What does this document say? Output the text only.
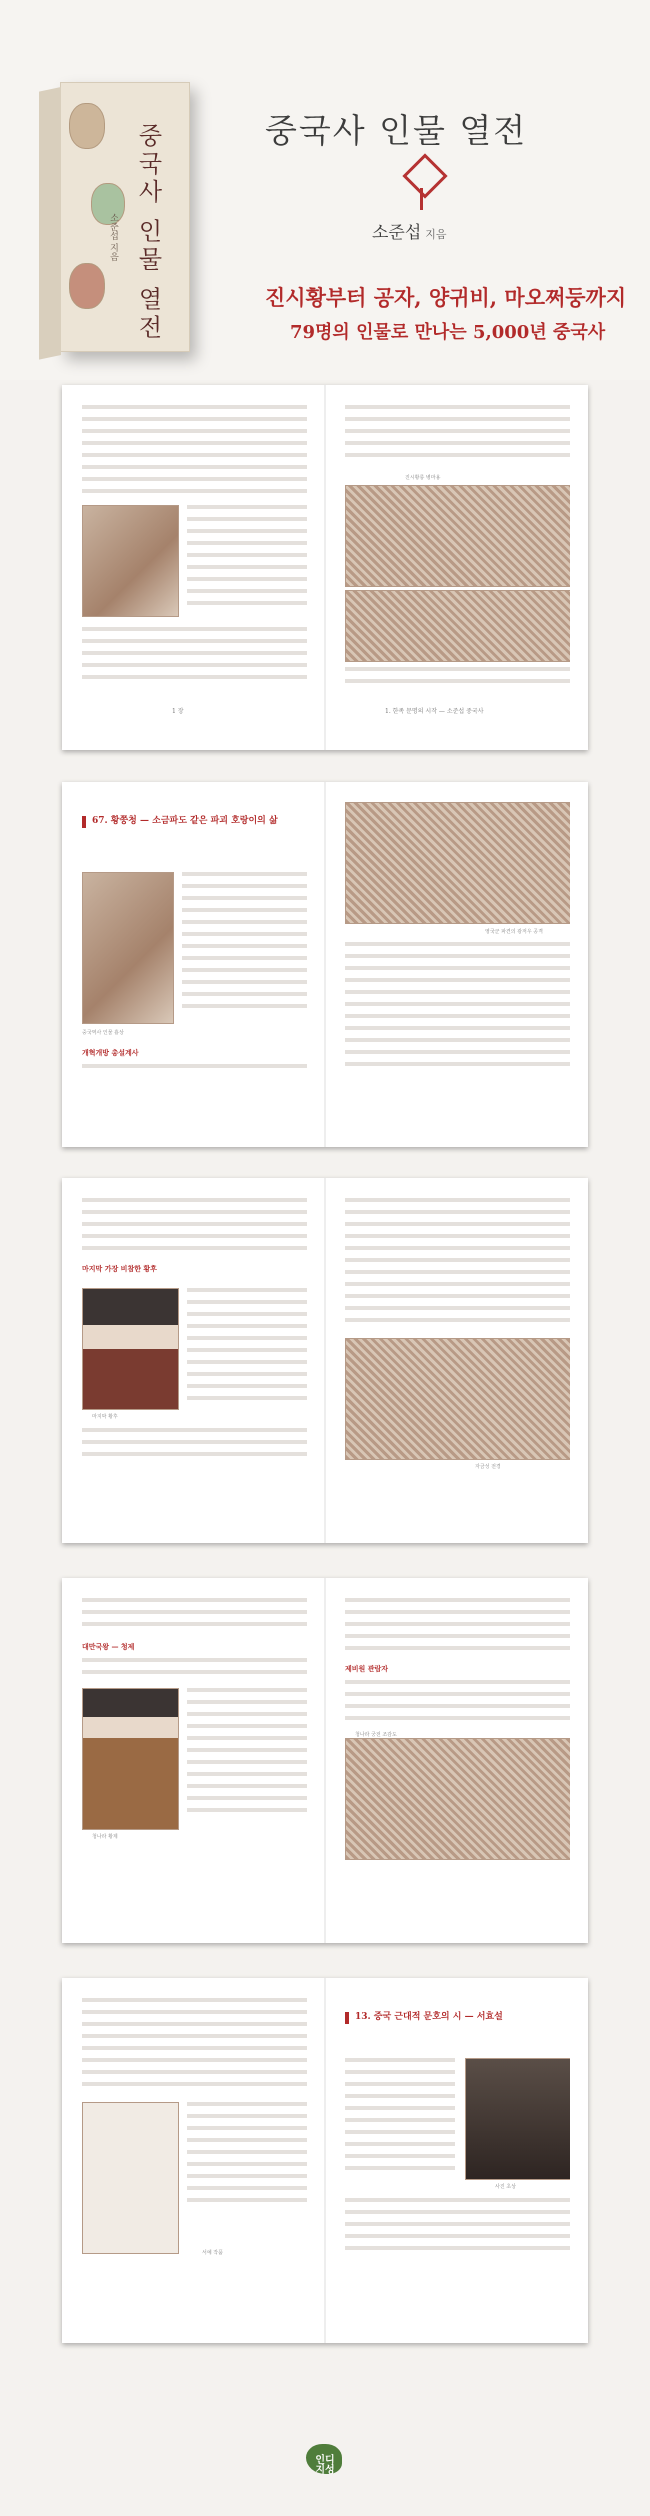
중국사 인물 열전
소준섭 지음
중국사 인물 열전
소준섭 지음
진시황부터 공자, 양귀비, 마오쩌둥까지
79명의 인물로 만나는 5,000년 중국사
1 장
진시황릉 병마용
1. 한족 문명의 시작 — 소준섭 중국사
67. 황쭝청 — 소금파도 같은 파괴 호랑이의 삶
중국역사 인물 흉상
개혁개방 총설계사
영국군 파견의 광저우 공격
마지막 가장 비참한 황후
마지막 황후
자금성 전경
대만국왕 — 청제
청나라 황제
제비원 관람자
청나라 궁전 조감도
서예 작품
13. 중국 근대적 문호의 시 — 서효설
사진 초상
인디
지성
